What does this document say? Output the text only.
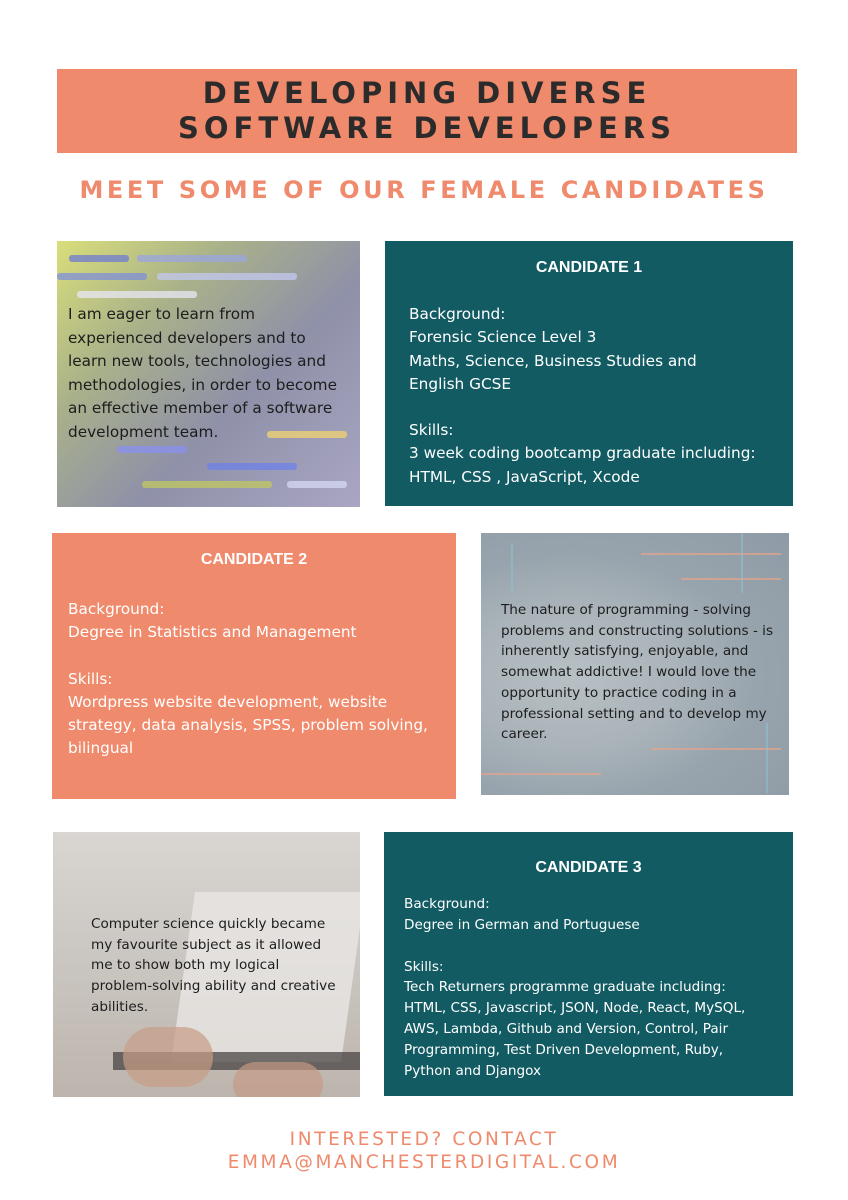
DEVELOPING DIVERSE
SOFTWARE DEVELOPERS
MEET SOME OF OUR FEMALE CANDIDATES
I am eager to learn from
experienced developers and to
learn new tools, technologies and
methodologies, in order to become
an effective member of a software
development team.
CANDIDATE 1
Background:
Forensic Science Level 3
Maths, Science, Business Studies and
English GCSE
Skills:
3 week coding bootcamp graduate including:
HTML, CSS , JavaScript, Xcode
CANDIDATE 2
Background:
Degree in Statistics and Management
Skills:
Wordpress website development, website
strategy, data analysis, SPSS, problem solving,
bilingual
The nature of programming - solving
problems and constructing solutions - is
inherently satisfying, enjoyable, and
somewhat addictive! I would love the
opportunity to practice coding in a
professional setting and to develop my
career.
Computer science quickly became
my favourite subject as it allowed
me to show both my logical
problem-solving ability and creative
abilities.
CANDIDATE 3
Background:
Degree in German and Portuguese
Skills:
Tech Returners programme graduate including:
HTML, CSS, Javascript, JSON, Node, React, MySQL,
AWS, Lambda, Github and Version, Control, Pair
Programming, Test Driven Development, Ruby,
Python and Djangox
INTERESTED? CONTACT
EMMA@MANCHESTERDIGITAL.COM
